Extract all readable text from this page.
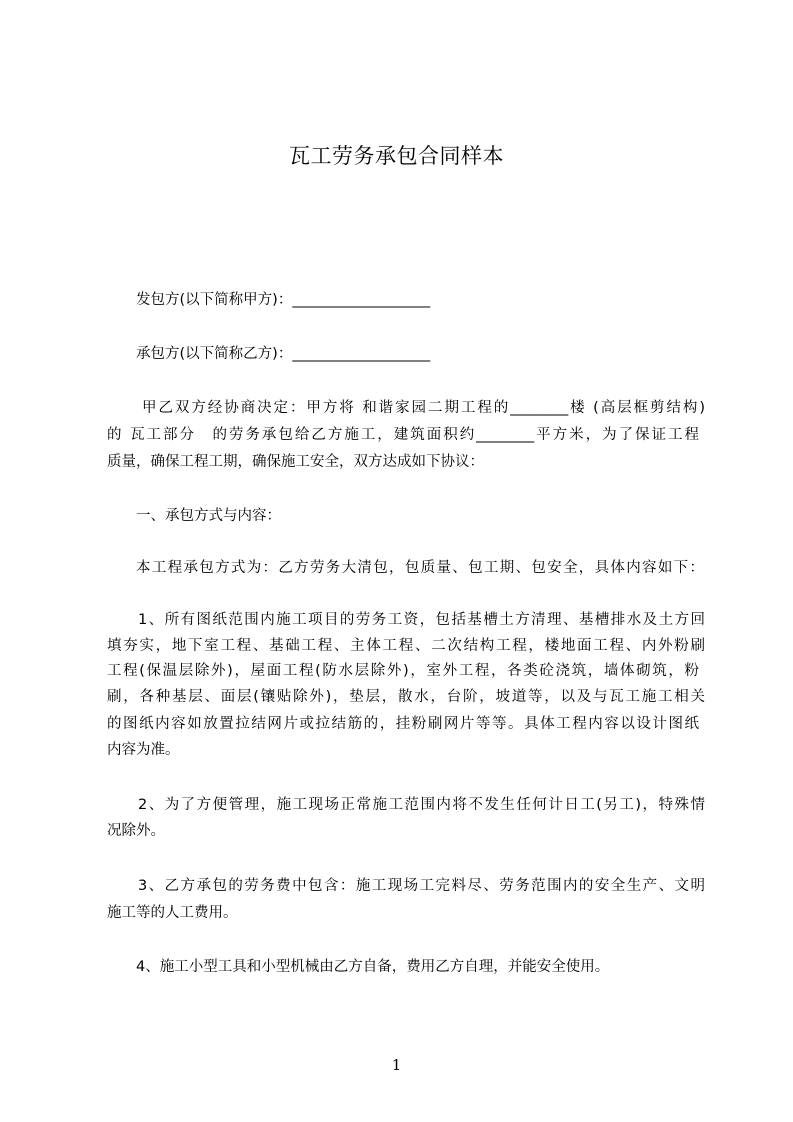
瓦工劳务承包合同样本
发包方(以下简称甲方)：___________________
承包方(以下简称乙方)：___________________
甲乙双方经协商决定：甲方将 和谐家园二期工程的________楼 (高层框剪结构)
的 瓦工部分　的劳务承包给乙方施工，建筑面积约________平方米，为了保证工程
质量，确保工程工期，确保施工安全，双方达成如下协议：
一、承包方式与内容：
本工程承包方式为：乙方劳务大清包，包质量、包工期、包安全，具体内容如下：
1、所有图纸范围内施工项目的劳务工资，包括基槽土方清理、基槽排水及土方回
填夯实，地下室工程、基础工程、主体工程、二次结构工程，楼地面工程、内外粉刷
工程(保温层除外)，屋面工程(防水层除外)，室外工程，各类砼浇筑，墙体砌筑，粉
刷，各种基层、面层(镶贴除外)，垫层，散水，台阶，坡道等，以及与瓦工施工相关
的图纸内容如放置拉结网片或拉结筋的，挂粉刷网片等等。具体工程内容以设计图纸
内容为准。
2、为了方便管理，施工现场正常施工范围内将不发生任何计日工(另工)，特殊情
况除外。
3、乙方承包的劳务费中包含：施工现场工完料尽、劳务范围内的安全生产、文明
施工等的人工费用。
4、施工小型工具和小型机械由乙方自备，费用乙方自理，并能安全使用。
1
